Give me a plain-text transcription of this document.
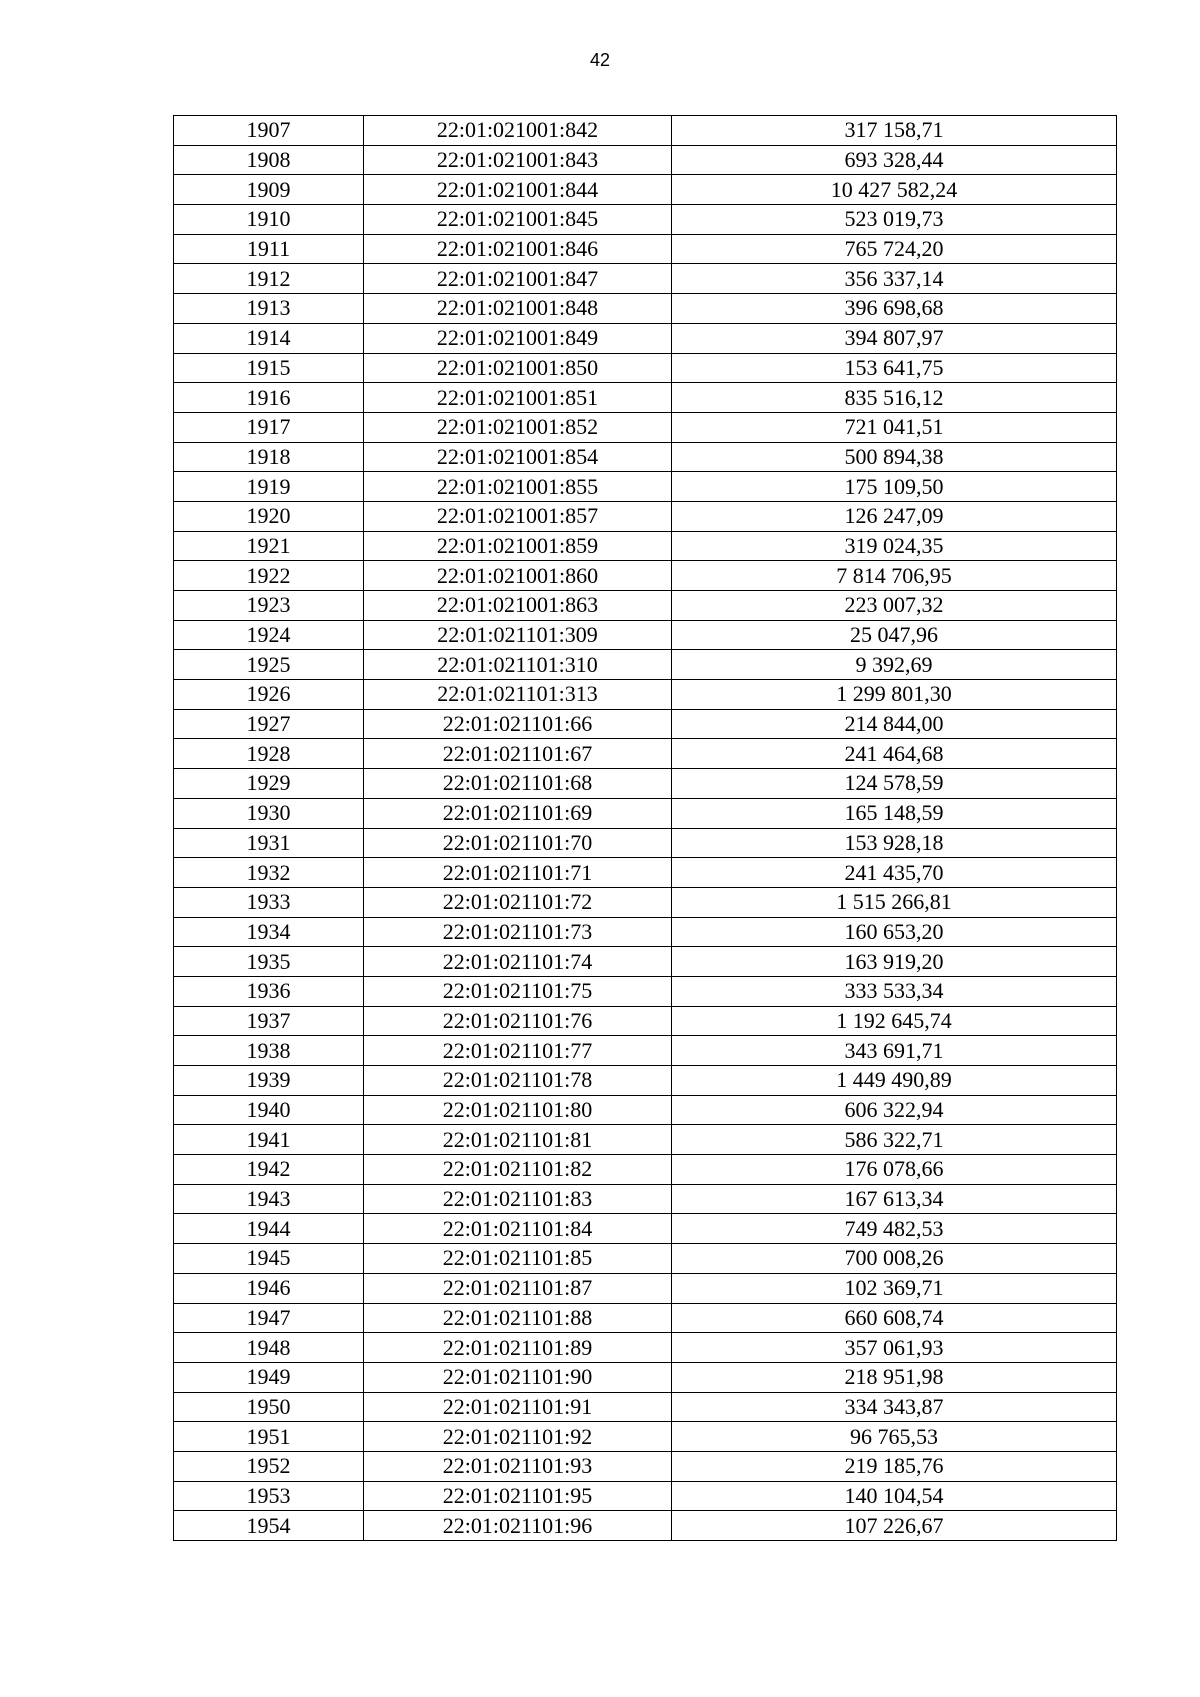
42
1907	22:01:021001:842	317 158,71
1908	22:01:021001:843	693 328,44
1909	22:01:021001:844	10 427 582,24
1910	22:01:021001:845	523 019,73
1911	22:01:021001:846	765 724,20
1912	22:01:021001:847	356 337,14
1913	22:01:021001:848	396 698,68
1914	22:01:021001:849	394 807,97
1915	22:01:021001:850	153 641,75
1916	22:01:021001:851	835 516,12
1917	22:01:021001:852	721 041,51
1918	22:01:021001:854	500 894,38
1919	22:01:021001:855	175 109,50
1920	22:01:021001:857	126 247,09
1921	22:01:021001:859	319 024,35
1922	22:01:021001:860	7 814 706,95
1923	22:01:021001:863	223 007,32
1924	22:01:021101:309	25 047,96
1925	22:01:021101:310	9 392,69
1926	22:01:021101:313	1 299 801,30
1927	22:01:021101:66	214 844,00
1928	22:01:021101:67	241 464,68
1929	22:01:021101:68	124 578,59
1930	22:01:021101:69	165 148,59
1931	22:01:021101:70	153 928,18
1932	22:01:021101:71	241 435,70
1933	22:01:021101:72	1 515 266,81
1934	22:01:021101:73	160 653,20
1935	22:01:021101:74	163 919,20
1936	22:01:021101:75	333 533,34
1937	22:01:021101:76	1 192 645,74
1938	22:01:021101:77	343 691,71
1939	22:01:021101:78	1 449 490,89
1940	22:01:021101:80	606 322,94
1941	22:01:021101:81	586 322,71
1942	22:01:021101:82	176 078,66
1943	22:01:021101:83	167 613,34
1944	22:01:021101:84	749 482,53
1945	22:01:021101:85	700 008,26
1946	22:01:021101:87	102 369,71
1947	22:01:021101:88	660 608,74
1948	22:01:021101:89	357 061,93
1949	22:01:021101:90	218 951,98
1950	22:01:021101:91	334 343,87
1951	22:01:021101:92	96 765,53
1952	22:01:021101:93	219 185,76
1953	22:01:021101:95	140 104,54
1954	22:01:021101:96	107 226,67
